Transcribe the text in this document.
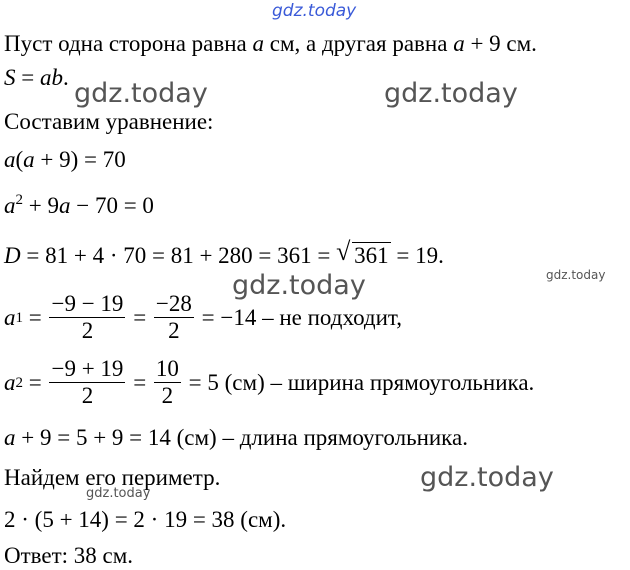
gdz.today
Пуст одна сторона равна a см, а другая равна a + 9 см.
S = ab.
gdz.today	gdz.today
Составим уравнение:
a(a + 9) = 70
$a^2 + 9a - 70 = 0$
D = 81 + 4 · 70 = 81 + 280 = 361 = √ 361 = 19.
gdz.today
gdz.today
a $1 = \frac{-9 - 19}{2} = \frac{-28}{2} = -14$ – не подходит,
a $2 = \frac{-9 + 19}{2} = \frac{10}{2} = 5$ (см) – ширина прямоугольника.
a + 9 = 5 + 9 = 14 (см) – длина прямоугольника.
Найдем его периметр.	gdz.today
gdz.today
2 · (5 + 14) = 2 · 19 = 38 (см).
Ответ: 38 см.
